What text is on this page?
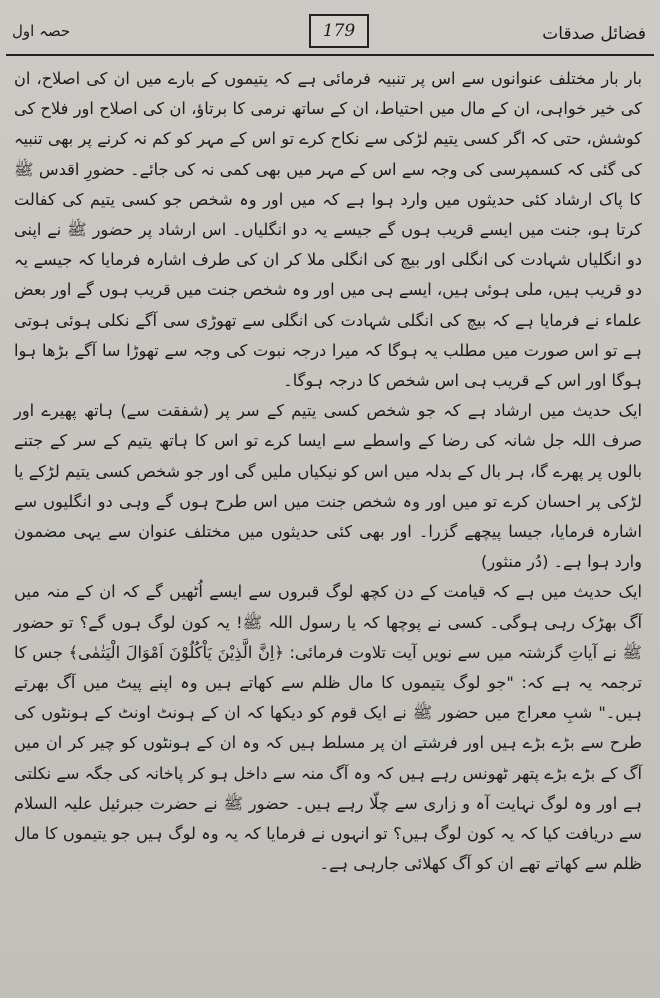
حصہ اول	179	فضائل صدقات

بار بار مختلف عنوانوں سے اس پر تنبیہ فرمائی ہے کہ یتیموں کے بارے میں ان کی اصلاح، ان کی خیر خواہی، ان کے مال میں احتیاط، ان کے ساتھ نرمی کا برتاؤ، ان کی اصلاح اور فلاح کی کوشش، حتی کہ اگر کسی یتیم لڑکی سے نکاح کرے تو اس کے مہر کو کم نہ کرنے پر بھی تنبیہ کی گئی کہ کسمپرسی کی وجہ سے اس کے مہر میں بھی کمی نہ کی جائے۔ حضورِ اقدس ﷺ کا پاک ارشاد کئی حدیثوں میں وارد ہوا ہے کہ میں اور وہ شخص جو کسی یتیم کی کفالت کرتا ہو، جنت میں ایسے قریب ہوں گے جیسے یہ دو انگلیاں۔ اس ارشاد پر حضور ﷺ نے اپنی دو انگلیاں شہادت کی انگلی اور بیچ کی انگلی ملا کر ان کی طرف اشارہ فرمایا کہ جیسے یہ دو قریب ہیں، ملی ہوئی ہیں، ایسے ہی میں اور وہ شخص جنت میں قریب ہوں گے اور بعض علماء نے فرمایا ہے کہ بیچ کی انگلی شہادت کی انگلی سے تھوڑی سی آگے نکلی ہوئی ہوتی ہے تو اس صورت میں مطلب یہ ہوگا کہ میرا درجہ نبوت کی وجہ سے تھوڑا سا آگے بڑھا ہوا ہوگا اور اس کے قریب ہی اس شخص کا درجہ ہوگا۔

ایک حدیث میں ارشاد ہے کہ جو شخص کسی یتیم کے سر پر (شفقت سے) ہاتھ پھیرے اور صرف اللہ جل شانہ کی رضا کے واسطے سے ایسا کرے تو اس کا ہاتھ یتیم کے سر کے جتنے بالوں پر پھرے گا، ہر بال کے بدلہ میں اس کو نیکیاں ملیں گی اور جو شخص کسی یتیم لڑکے یا لڑکی پر احسان کرے تو میں اور وہ شخص جنت میں اس طرح ہوں گے وہی دو انگلیوں سے اشارہ فرمایا، جیسا پیچھے گزرا۔ اور بھی کئی حدیثوں میں مختلف عنوان سے یہی مضمون وارد ہوا ہے۔ (دُر منثور)

ایک حدیث میں ہے کہ قیامت کے دن کچھ لوگ قبروں سے ایسے اُٹھیں گے کہ ان کے منہ میں آگ بھڑک رہی ہوگی۔ کسی نے پوچھا کہ یا رسول اللہ ﷺ! یہ کون لوگ ہوں گے؟ تو حضور ﷺ نے آیاتِ گزشتہ میں سے نویں آیت تلاوت فرمائی: ﴿اِنَّ الَّذِيْنَ يَاْكُلُوْنَ اَمْوَالَ الْيَتٰمٰى﴾ جس کا ترجمہ یہ ہے کہ: "جو لوگ یتیموں کا مال ظلم سے کھاتے ہیں وہ اپنے پیٹ میں آگ بھرتے ہیں۔" شبِ معراج میں حضور ﷺ نے ایک قوم کو دیکھا کہ ان کے ہونٹ اونٹ کے ہونٹوں کی طرح سے بڑے بڑے ہیں اور فرشتے ان پر مسلط ہیں کہ وہ ان کے ہونٹوں کو چیر کر ان میں آگ کے بڑے بڑے پتھر ٹھونس رہے ہیں کہ وہ آگ منہ سے داخل ہو کر پاخانہ کی جگہ سے نکلتی ہے اور وہ لوگ نہایت آہ و زاری سے چلّا رہے ہیں۔ حضور ﷺ نے حضرت جبرئیل علیہ السلام سے دریافت کیا کہ یہ کون لوگ ہیں؟ تو انہوں نے فرمایا کہ یہ وہ لوگ ہیں جو یتیموں کا مال ظلم سے کھاتے تھے ان کو آگ کھلائی جارہی ہے۔
